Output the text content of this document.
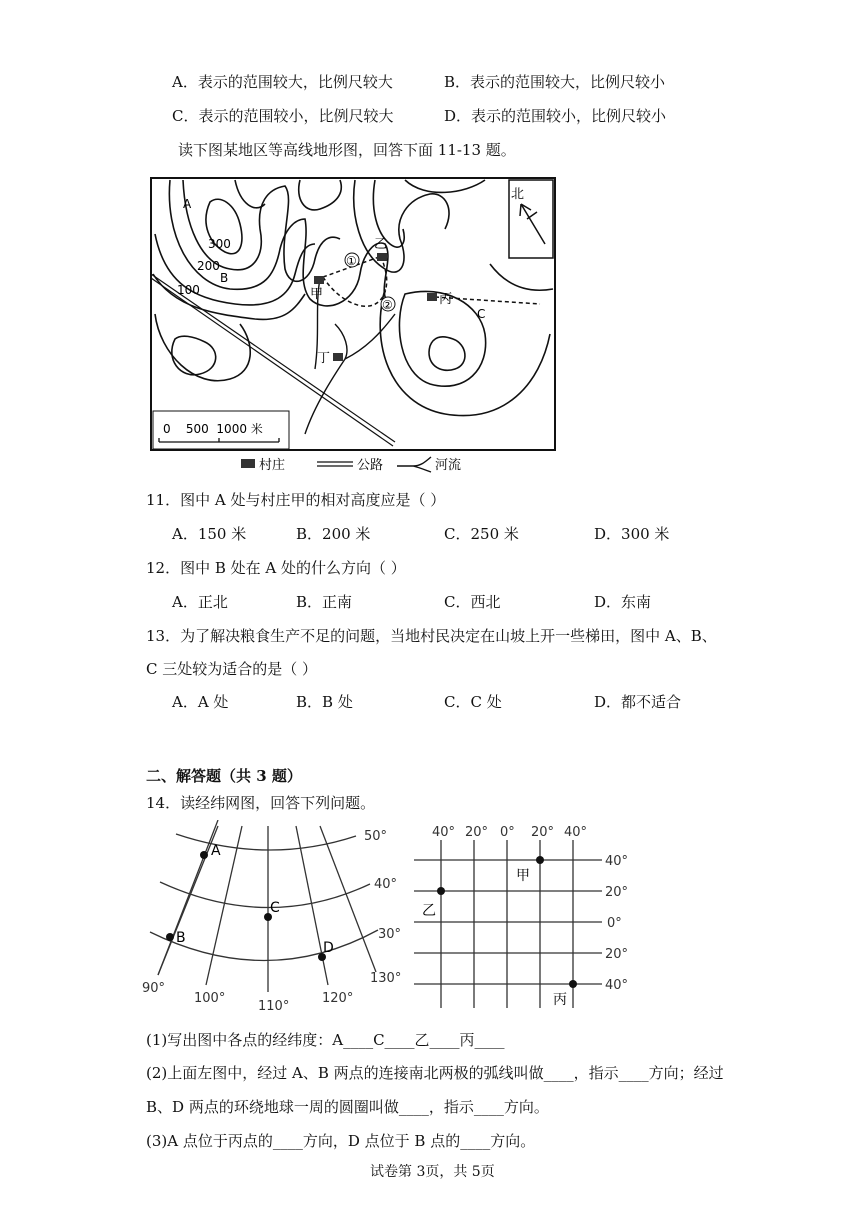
A．表示的范围较大，比例尺较大	B．表示的范围较大，比例尺较小
C．表示的范围较小，比例尺较大	D．表示的范围较小，比例尺较小
读下图某地区等高线地形图，回答下面 11-13 题。
北
甲
乙
丙
丁
①
②
300
200
100
A
B
C
0    500  1000 米
村庄	公路	河流
11．图中 A 处与村庄甲的相对高度应是（ ）
A．150 米	B．200 米	C．250 米	D．300 米
12．图中 B 处在 A 处的什么方向（ ）
A．正北	B．正南	C．西北	D．东南
13．为了解决粮食生产不足的问题，当地村民决定在山坡上开一些梯田，图中 A、B、
C 三处较为适合的是（ ）
A．A 处	B．B 处	C．C 处	D．都不适合
二、解答题（共 3 题）
14．读经纬网图，回答下列问题。
A
B
C
D
50°
40°
30°
90°
100°
110°
120°
130°
40° 20° 0° 20° 40°
40°
20°
0°
20°
40°
甲
乙
丙
(1)写出图中各点的经纬度：A____C____乙____丙____
(2)上面左图中，经过 A、B 两点的连接南北两极的弧线叫做____，指示____方向；经过
B、D 两点的环绕地球一周的圆圈叫做____，指示____方向。
(3)A 点位于丙点的____方向，D 点位于 B 点的____方向。
试卷第 3页，共 5页
